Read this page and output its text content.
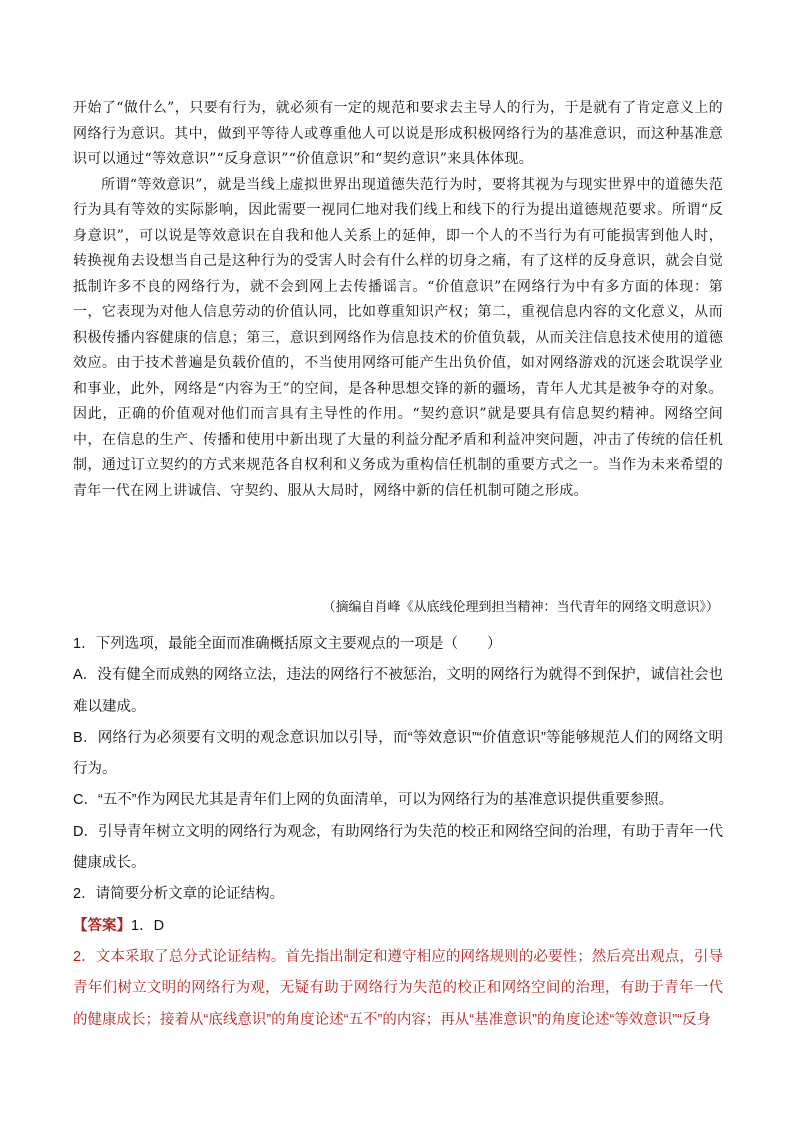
开始了“做什么”，只要有行为，就必须有一定的规范和要求去主导人的行为，于是就有了肯定意义上的网络行为意识。其中，做到平等待人或尊重他人可以说是形成积极网络行为的基准意识，而这种基准意识可以通过“等效意识”“反身意识”“价值意识”和“契约意识”来具体体现。

所谓“等效意识”，就是当线上虚拟世界出现道德失范行为时，要将其视为与现实世界中的道德失范行为具有等效的实际影响，因此需要一视同仁地对我们线上和线下的行为提出道德规范要求。所谓“反身意识”，可以说是等效意识在自我和他人关系上的延伸，即一个人的不当行为有可能损害到他人时，转换视角去设想当自己是这种行为的受害人时会有什么样的切身之痛，有了这样的反身意识，就会自觉抵制许多不良的网络行为，就不会到网上去传播谣言。“价值意识”在网络行为中有多方面的体现：第一，它表现为对他人信息劳动的价值认同，比如尊重知识产权；第二，重视信息内容的文化意义，从而积极传播内容健康的信息；第三，意识到网络作为信息技术的价值负载，从而关注信息技术使用的道德效应。由于技术普遍是负载价值的，不当使用网络可能产生出负价值，如对网络游戏的沉迷会耽误学业和事业，此外，网络是“内容为王”的空间，是各种思想交锋的新的疆场，青年人尤其是被争夺的对象。因此，正确的价值观对他们而言具有主导性的作用。“契约意识”就是要具有信息契约精神。网络空间中，在信息的生产、传播和使用中新出现了大量的利益分配矛盾和利益冲突问题，冲击了传统的信任机制，通过订立契约的方式来规范各自权利和义务成为重构信任机制的重要方式之一。当作为未来希望的青年一代在网上讲诚信、守契约、服从大局时，网络中新的信任机制可随之形成。

（摘编自肖峰《从底线伦理到担当精神：当代青年的网络文明意识》）

1．下列选项，最能全面而准确概括原文主要观点的一项是（　　）

A．没有健全而成熟的网络立法，违法的网络行不被惩治，文明的网络行为就得不到保护，诚信社会也难以建成。

B．网络行为必须要有文明的观念意识加以引导，而“等效意识”“价值意识”等能够规范人们的网络文明行为。

C．“五不”作为网民尤其是青年们上网的负面清单，可以为网络行为的基准意识提供重要参照。

D．引导青年树立文明的网络行为观念，有助网络行为失范的校正和网络空间的治理，有助于青年一代健康成长。

2．请简要分析文章的论证结构。

【答案】1．D

2．文本采取了总分式论证结构。首先指出制定和遵守相应的网络规则的必要性；然后亮出观点，引导青年们树立文明的网络行为观，无疑有助于网络行为失范的校正和网络空间的治理，有助于青年一代的健康成长；接着从“底线意识”的角度论述“五不”的内容；再从“基准意识”的角度论述“等效意识”“反身
